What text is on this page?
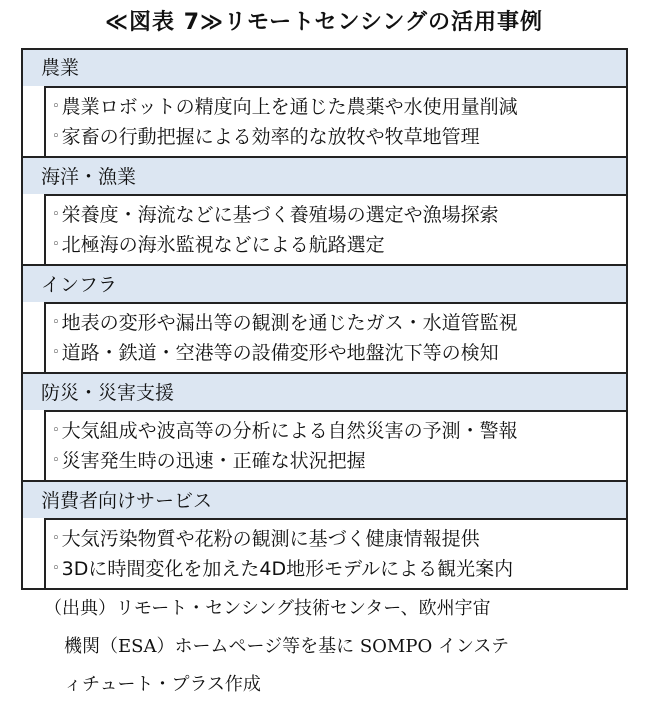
≪図表 7≫リモートセンシングの活用事例
農業
◦ 農業ロボットの精度向上を通じた農薬や水使用量削減
◦ 家畜の行動把握による効率的な放牧や牧草地管理
海洋・漁業
◦ 栄養度・海流などに基づく養殖場の選定や漁場探索
◦ 北極海の海氷監視などによる航路選定
インフラ
◦ 地表の変形や漏出等の観測を通じたガス・水道管監視
◦ 道路・鉄道・空港等の設備変形や地盤沈下等の検知
防災・災害支援
◦ 大気組成や波高等の分析による自然災害の予測・警報
◦ 災害発生時の迅速・正確な状況把握
消費者向けサービス
◦ 大気汚染物質や花粉の観測に基づく健康情報提供
◦ 3Dに時間変化を加えた4D地形モデルによる観光案内
（出典）リモート・センシング技術センター、欧州宇宙
機関（ESA）ホームページ等を基に SOMPO インステ
ィチュート・プラス作成
